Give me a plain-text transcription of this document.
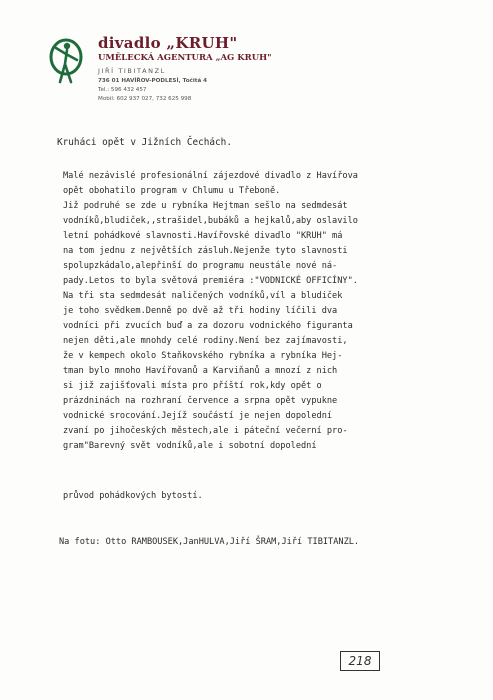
divadlo „KRUH"
UMĚLECKÁ AGENTURA „AG KRUH"
JIŘÍ TIBITANZL
736 01 HAVÍŘOV-PODLESÍ, Točitá 4
Tel.: 596 432 457
Mobil: 602 937 027, 732 625 998
Kruháci opět v Jižních Čechách.
Malé nezávislé profesionální zájezdové divadlo z Havířova
opět obohatilo program v Chlumu u Třeboně.
Již podruhé se zde u rybníka Hejtman sešlo na sedmdesát
vodníků,bludiček,,strašidel,bubáků a hejkalů,aby oslavilo
letní pohádkové slavnosti.Havířovské divadlo "KRUH" má
na tom jednu z největších zásluh.Nejenže tyto slavnosti
spolupzkádalo,alepřinší do programu neustále nové ná-
pady.Letos to byla světová premiéra :"VODNICKÉ OFFICÍNY".
Na tři sta sedmdesát naličených vodníků,víl a bludiček
je toho svědkem.Denně po dvě až tři hodiny líčili dva
vodníci při zvucích buď a za dozoru vodnického figuranta
nejen děti,ale mnohdy celé rodiny.Není bez zajímavosti,
že v kempech okolo Staňkovského rybníka a rybníka Hej-
tman bylo mnoho Havířovanů a Karviňanů a mnozí z nich
si již zajišťovali místa pro příští rok,kdy opět o
prázdninách na rozhraní července a srpna opět vypukne
vodnické srocování.Jejíž součástí je nejen dopolední
zvaní po jihočeských městech,ale i páteční večerní pro-
gram"Barevný svět vodníků,ale i sobotní dopolední
průvod pohádkových bytostí.
Na fotu: Otto RAMBOUSEK,JanHULVA,Jiří ŠRAM,Jiří TIBITANZL.
218
